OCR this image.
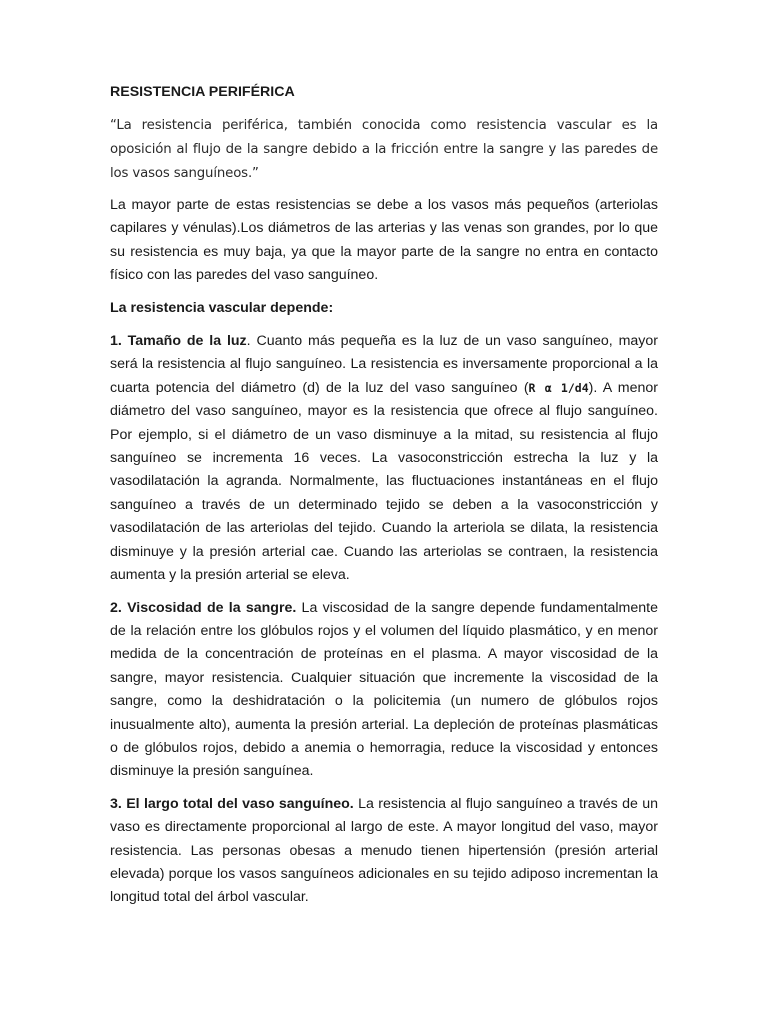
RESISTENCIA PERIFÉRICA

“La resistencia periférica, también conocida como resistencia vascular es la oposición al flujo de la sangre debido a la fricción entre la sangre y las paredes de los vasos sanguíneos.”

La mayor parte de estas resistencias se debe a los vasos más pequeños (arteriolas capilares y vénulas).Los diámetros de las arterias y las venas son grandes, por lo que su resistencia es muy baja, ya que la mayor parte de la sangre no entra en contacto físico con las paredes del vaso sanguíneo.

La resistencia vascular depende:

1. Tamaño de la luz. Cuanto más pequeña es la luz de un vaso sanguíneo, mayor será la resistencia al flujo sanguíneo. La resistencia es inversamente proporcional a la cuarta potencia del diámetro (d) de la luz del vaso sanguíneo (R α 1/d4). A menor diámetro del vaso sanguíneo, mayor es la resistencia que ofrece al flujo sanguíneo. Por ejemplo, si el diámetro de un vaso disminuye a la mitad, su resistencia al flujo sanguíneo se incrementa 16 veces. La vasoconstricción estrecha la luz y la vasodilatación la agranda. Normalmente, las fluctuaciones instantáneas en el flujo sanguíneo a través de un determinado tejido se deben a la vasoconstricción y vasodilatación de las arteriolas del tejido. Cuando la arteriola se dilata, la resistencia disminuye y la presión arterial cae. Cuando las arteriolas se contraen, la resistencia aumenta y la presión arterial se eleva.

2. Viscosidad de la sangre. La viscosidad de la sangre depende fundamentalmente de la relación entre los glóbulos rojos y el volumen del líquido plasmático, y en menor medida de la concentración de proteínas en el plasma. A mayor viscosidad de la sangre, mayor resistencia. Cualquier situación que incremente la viscosidad de la sangre, como la deshidratación o la policitemia (un numero de glóbulos rojos inusualmente alto), aumenta la presión arterial. La depleción de proteínas plasmáticas o de glóbulos rojos, debido a anemia o hemorragia, reduce la viscosidad y entonces disminuye la presión sanguínea.

3. El largo total del vaso sanguíneo. La resistencia al flujo sanguíneo a través de un vaso es directamente proporcional al largo de este. A mayor longitud del vaso, mayor resistencia. Las personas obesas a menudo tienen hipertensión (presión arterial elevada) porque los vasos sanguíneos adicionales en su tejido adiposo incrementan la longitud total del árbol vascular.
